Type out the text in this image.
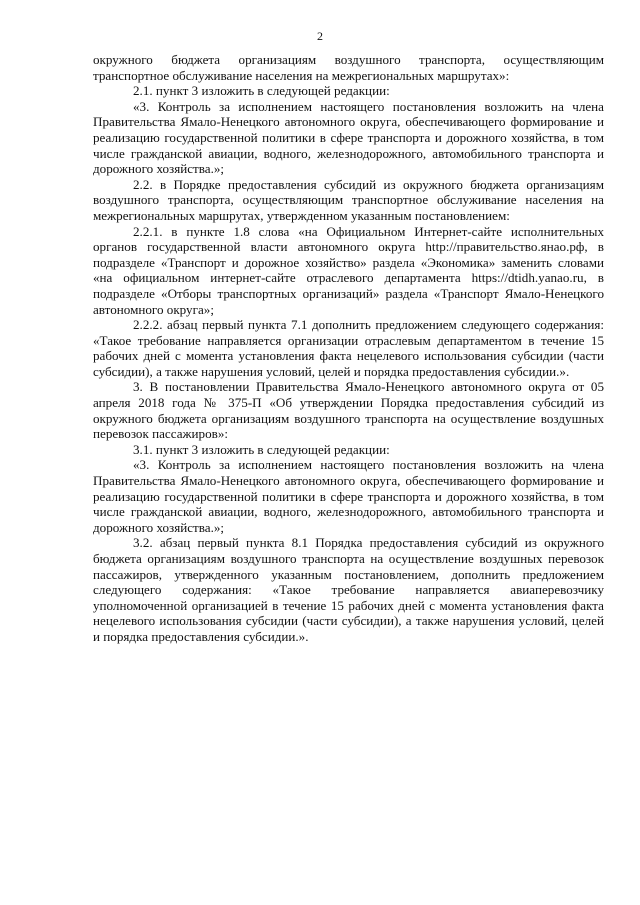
2

окружного бюджета организациям воздушного транспорта, осуществляющим транспортное обслуживание населения на межрегиональных маршрутах»:

2.1. пункт 3 изложить в следующей редакции:

«3. Контроль за исполнением настоящего постановления возложить на члена Правительства Ямало-Ненецкого автономного округа, обеспечивающего формирование и реализацию государственной политики в сфере транспорта и дорожного хозяйства, в том числе гражданской авиации, водного, железнодорожного, автомобильного транспорта и дорожного хозяйства.»;

2.2. в Порядке предоставления субсидий из окружного бюджета организациям воздушного транспорта, осуществляющим транспортное обслуживание населения на межрегиональных маршрутах, утвержденном указанным постановлением:

2.2.1. в пункте 1.8 слова «на Официальном Интернет-сайте исполнительных органов государственной власти автономного округа http://правительство.янао.рф, в подразделе «Транспорт и дорожное хозяйство» раздела «Экономика» заменить словами «на официальном интернет-сайте отраслевого департамента https://dtidh.yanao.ru, в подразделе «Отборы транспортных организаций» раздела «Транспорт Ямало-Ненецкого автономного округа»;

2.2.2. абзац первый пункта 7.1 дополнить предложением следующего содержания: «Такое требование направляется организации отраслевым департаментом в течение 15 рабочих дней с момента установления факта нецелевого использования субсидии (части субсидии), а также нарушения условий, целей и порядка предоставления субсидии.».

3. В постановлении Правительства Ямало-Ненецкого автономного округа от 05 апреля 2018 года № 375-П «Об утверждении Порядка предоставления субсидий из окружного бюджета организациям воздушного транспорта на осуществление воздушных перевозок пассажиров»:

3.1. пункт 3 изложить в следующей редакции:

«3. Контроль за исполнением настоящего постановления возложить на члена Правительства Ямало-Ненецкого автономного округа, обеспечивающего формирование и реализацию государственной политики в сфере транспорта и дорожного хозяйства, в том числе гражданской авиации, водного, железнодорожного, автомобильного транспорта и дорожного хозяйства.»;

3.2. абзац первый пункта 8.1 Порядка предоставления субсидий из окружного бюджета организациям воздушного транспорта на осуществление воздушных перевозок пассажиров, утвержденного указанным постановлением, дополнить предложением следующего содержания: «Такое требование направляется авиаперевозчику уполномоченной организацией в течение 15 рабочих дней с момента установления факта нецелевого использования субсидии (части субсидии), а также нарушения условий, целей и порядка предоставления субсидии.».
